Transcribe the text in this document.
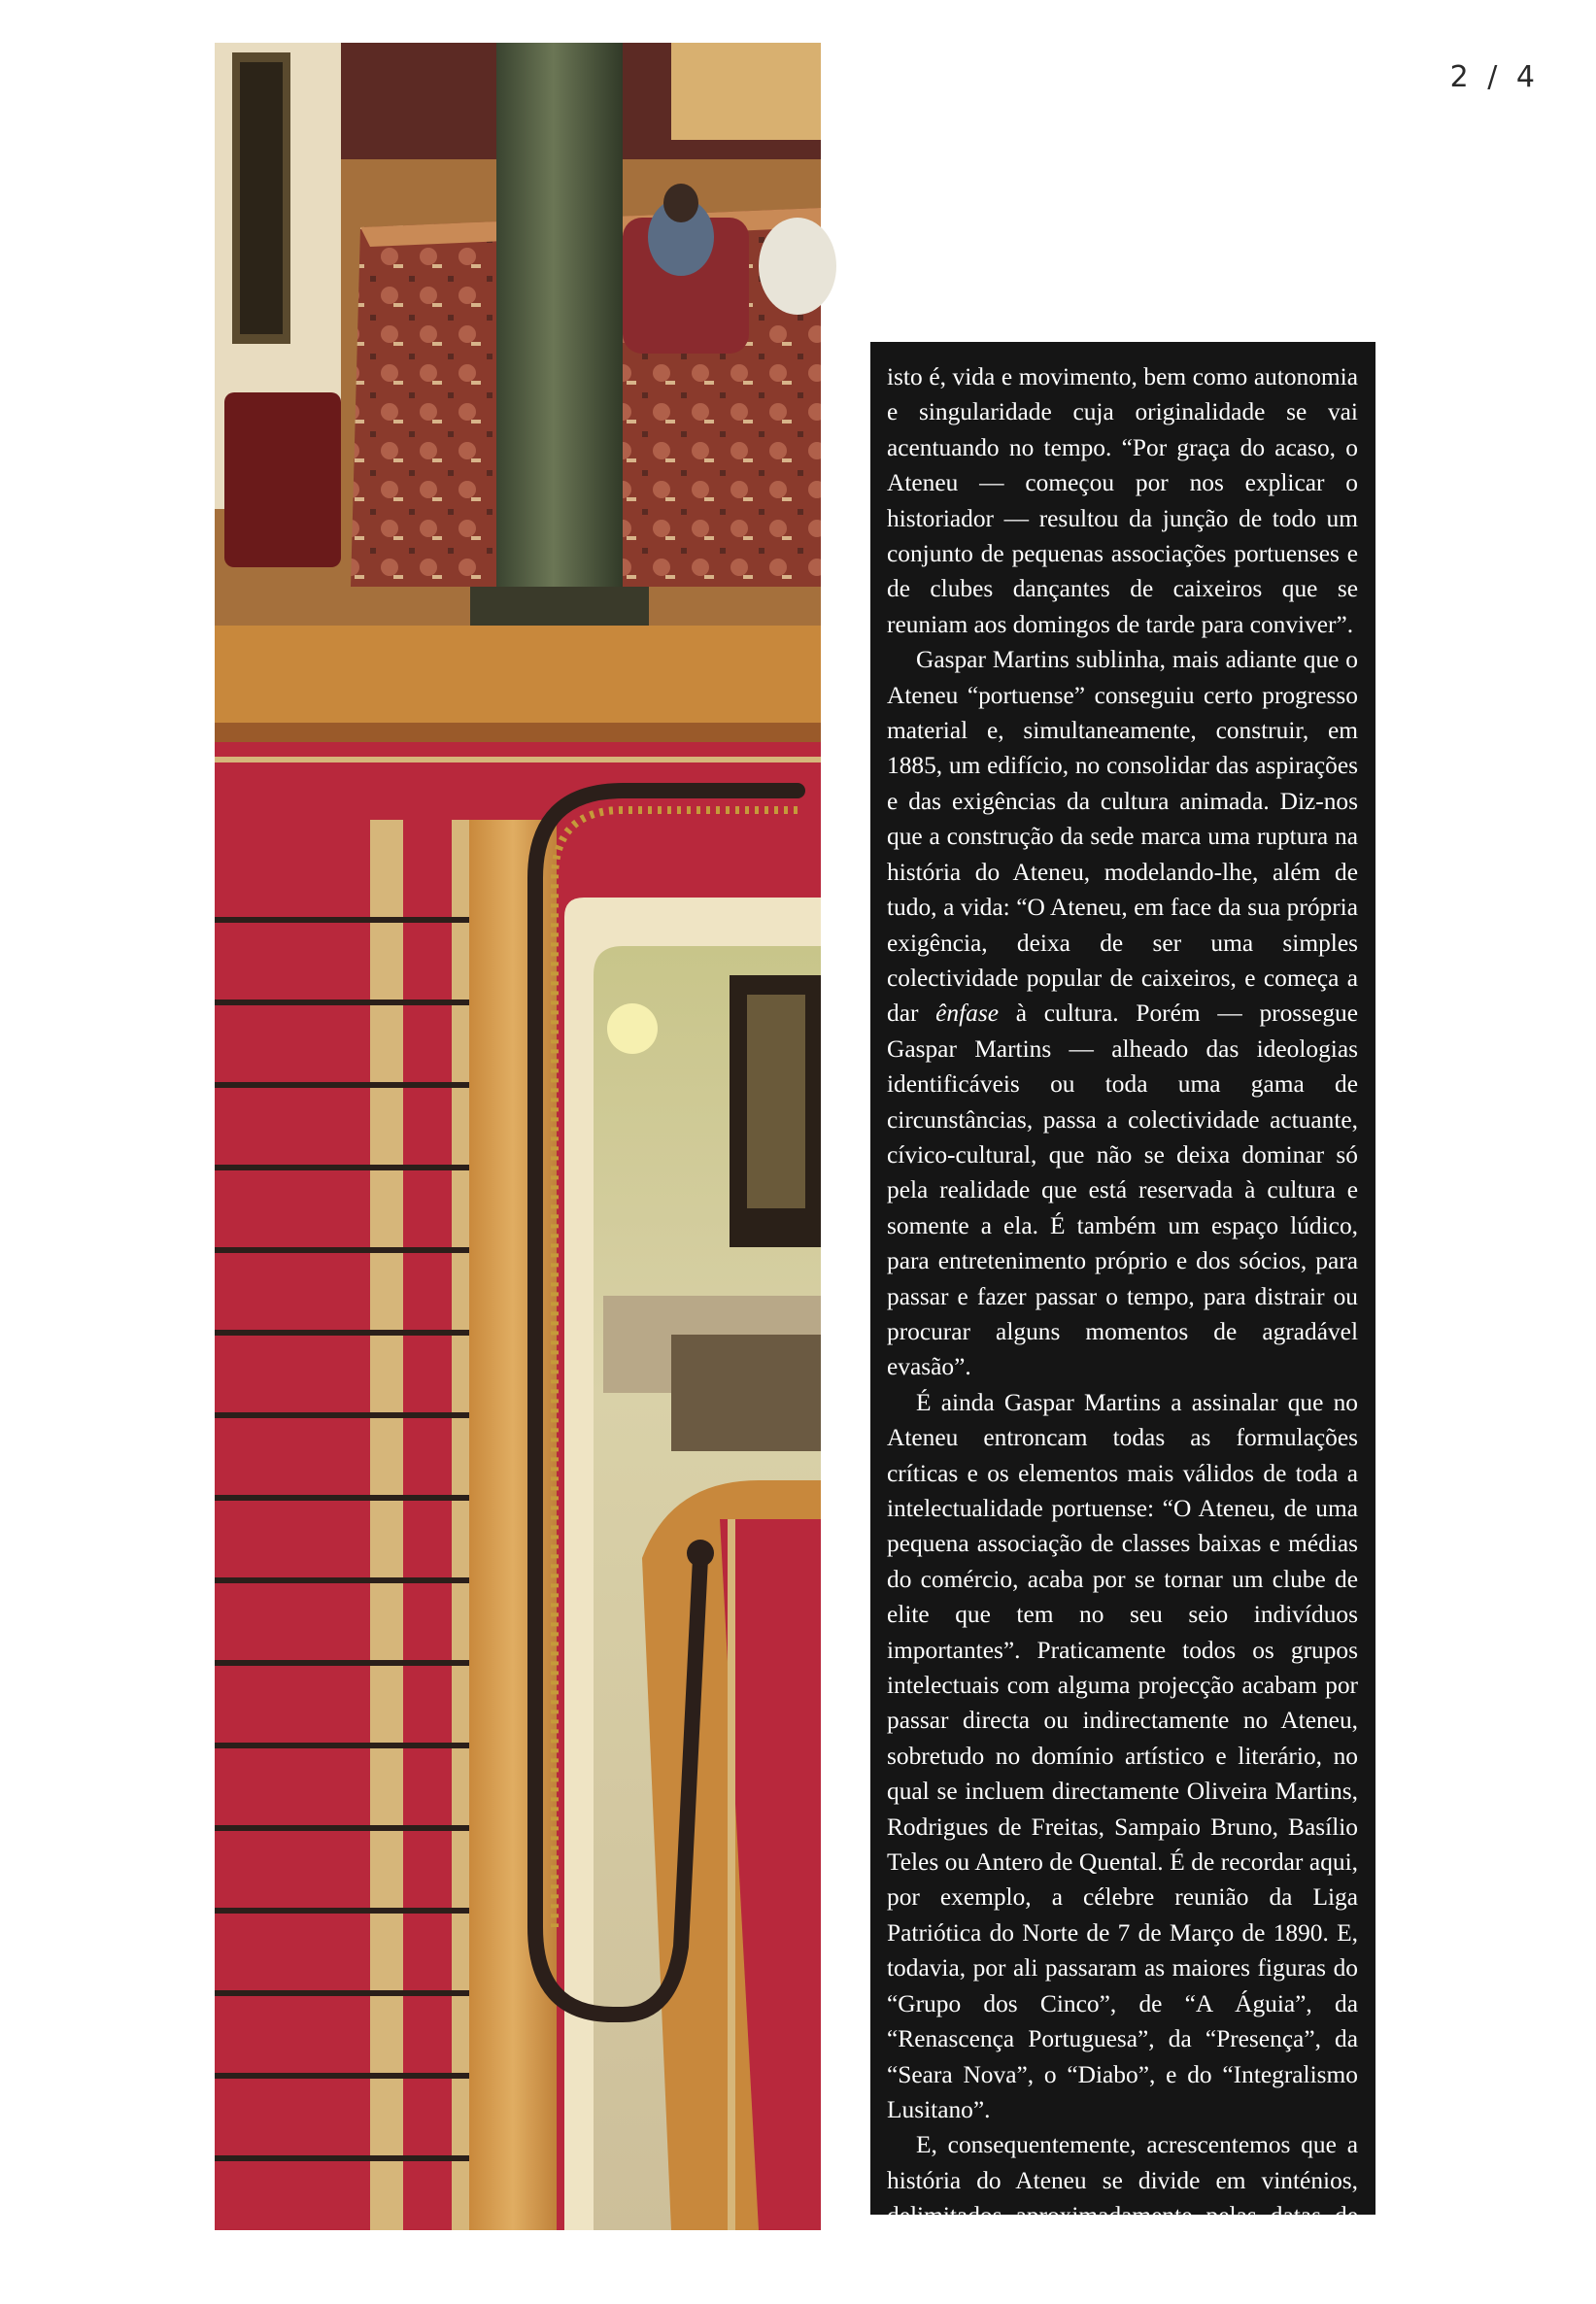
2 / 4

isto é, vida e movimento, bem como autonomia e singularidade cuja originalidade se vai acentuando no tempo. “Por graça do acaso, o Ateneu — começou por nos explicar o historiador — resultou da junção de todo um conjunto de pequenas associações portuenses e de clubes dançantes de caixeiros que se reuniam aos domingos de tarde para conviver”.

Gaspar Martins sublinha, mais adiante que o Ateneu “portuense” conseguiu certo progresso material e, simultaneamente, construir, em 1885, um edifício, no consolidar das aspirações e das exigências da cultura animada. Diz-nos que a construção da sede marca uma ruptura na história do Ateneu, modelando-lhe, além de tudo, a vida: “O Ateneu, em face da sua própria exigência, deixa de ser uma simples colectividade popular de caixeiros, e começa a dar ênfase à cultura. Porém — prossegue Gaspar Martins — alheado das ideologias identificáveis ou toda uma gama de circunstâncias, passa a colectividade actuante, cívico-cultural, que não se deixa dominar só pela realidade que está reservada à cultura e somente a ela. É também um espaço lúdico, para entretenimento próprio e dos sócios, para passar e fazer passar o tempo, para distrair ou procurar alguns momentos de agradável evasão”.

É ainda Gaspar Martins a assinalar que no Ateneu entroncam todas as formulações críticas e os elementos mais válidos de toda a intelectualidade portuense: “O Ateneu, de uma pequena associação de classes baixas e médias do comércio, acaba por se tornar um clube de elite que tem no seu seio indivíduos importantes”. Praticamente todos os grupos intelectuais com alguma projecção acabam por passar directa ou indirectamente no Ateneu, sobretudo no domínio artístico e literário, no qual se incluem directamente Oliveira Martins, Rodrigues de Freitas, Sampaio Bruno, Basílio Teles ou Antero de Quental. É de recordar aqui, por exemplo, a célebre reunião da Liga Patriótica do Norte de 7 de Março de 1890. E, todavia, por ali passaram as maiores figuras do “Grupo dos Cinco”, de “A Águia”, da “Renascença Portuguesa”, da “Presença”, da “Seara Nova”, o “Diabo”, e do “Integralismo Lusitano”.

E, consequentemente, acrescentemos que a história do Ateneu se divide em vinténios, delimitados aproximadamente pelas datas de 1890, 1910, 1930, 1950, 1970, na conjuntura social
